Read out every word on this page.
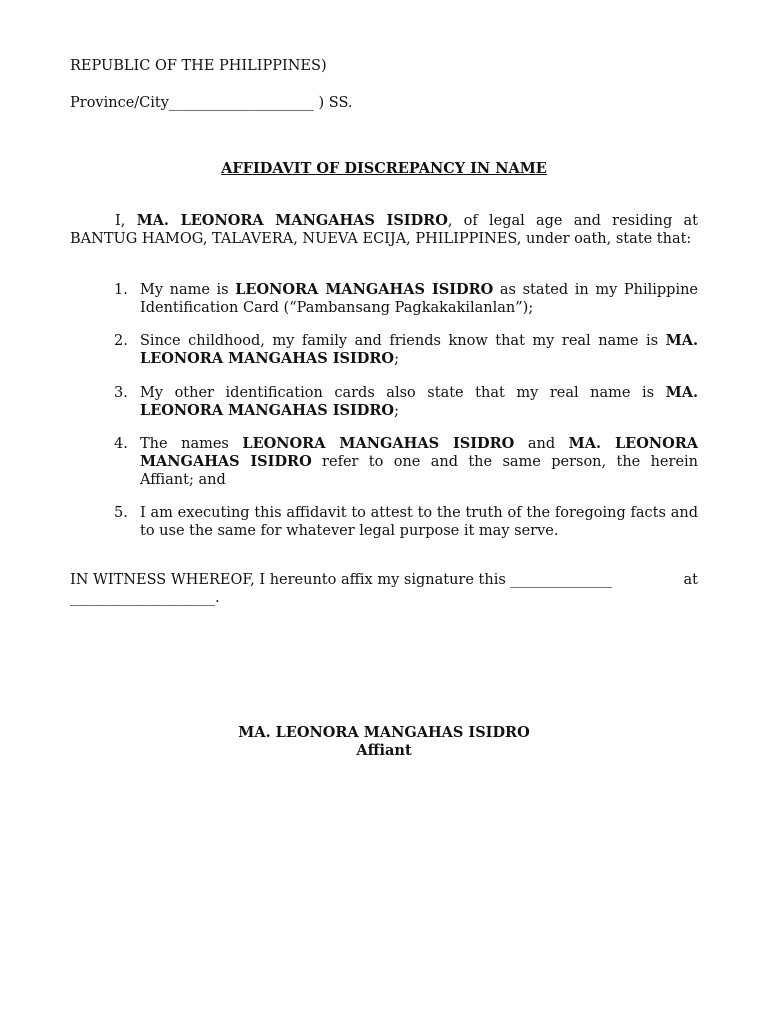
REPUBLIC OF THE PHILIPPINES)
Province/City____________________ ) SS.
AFFIDAVIT OF DISCREPANCY IN NAME
I, MA. LEONORA MANGAHAS ISIDRO, of legal age and residing at BANTUG HAMOG, TALAVERA, NUEVA ECIJA, PHILIPPINES, under oath, state that:
1. My name is LEONORA MANGAHAS ISIDRO as stated in my Philippine Identification Card (“Pambansang Pagkakakilanlan”);
2. Since childhood, my family and friends know that my real name is MA. LEONORA MANGAHAS ISIDRO;
3. My other identification cards also state that my real name is MA. LEONORA MANGAHAS ISIDRO;
4. The names LEONORA MANGAHAS ISIDRO and MA. LEONORA MANGAHAS ISIDRO refer to one and the same person, the herein Affiant; and
5. I am executing this affidavit to attest to the truth of the foregoing facts and to use the same for whatever legal purpose it may serve.
IN WITNESS WHEREOF, I hereunto affix my signature this ______________	at
____________________.
MA. LEONORA MANGAHAS ISIDRO
Affiant
